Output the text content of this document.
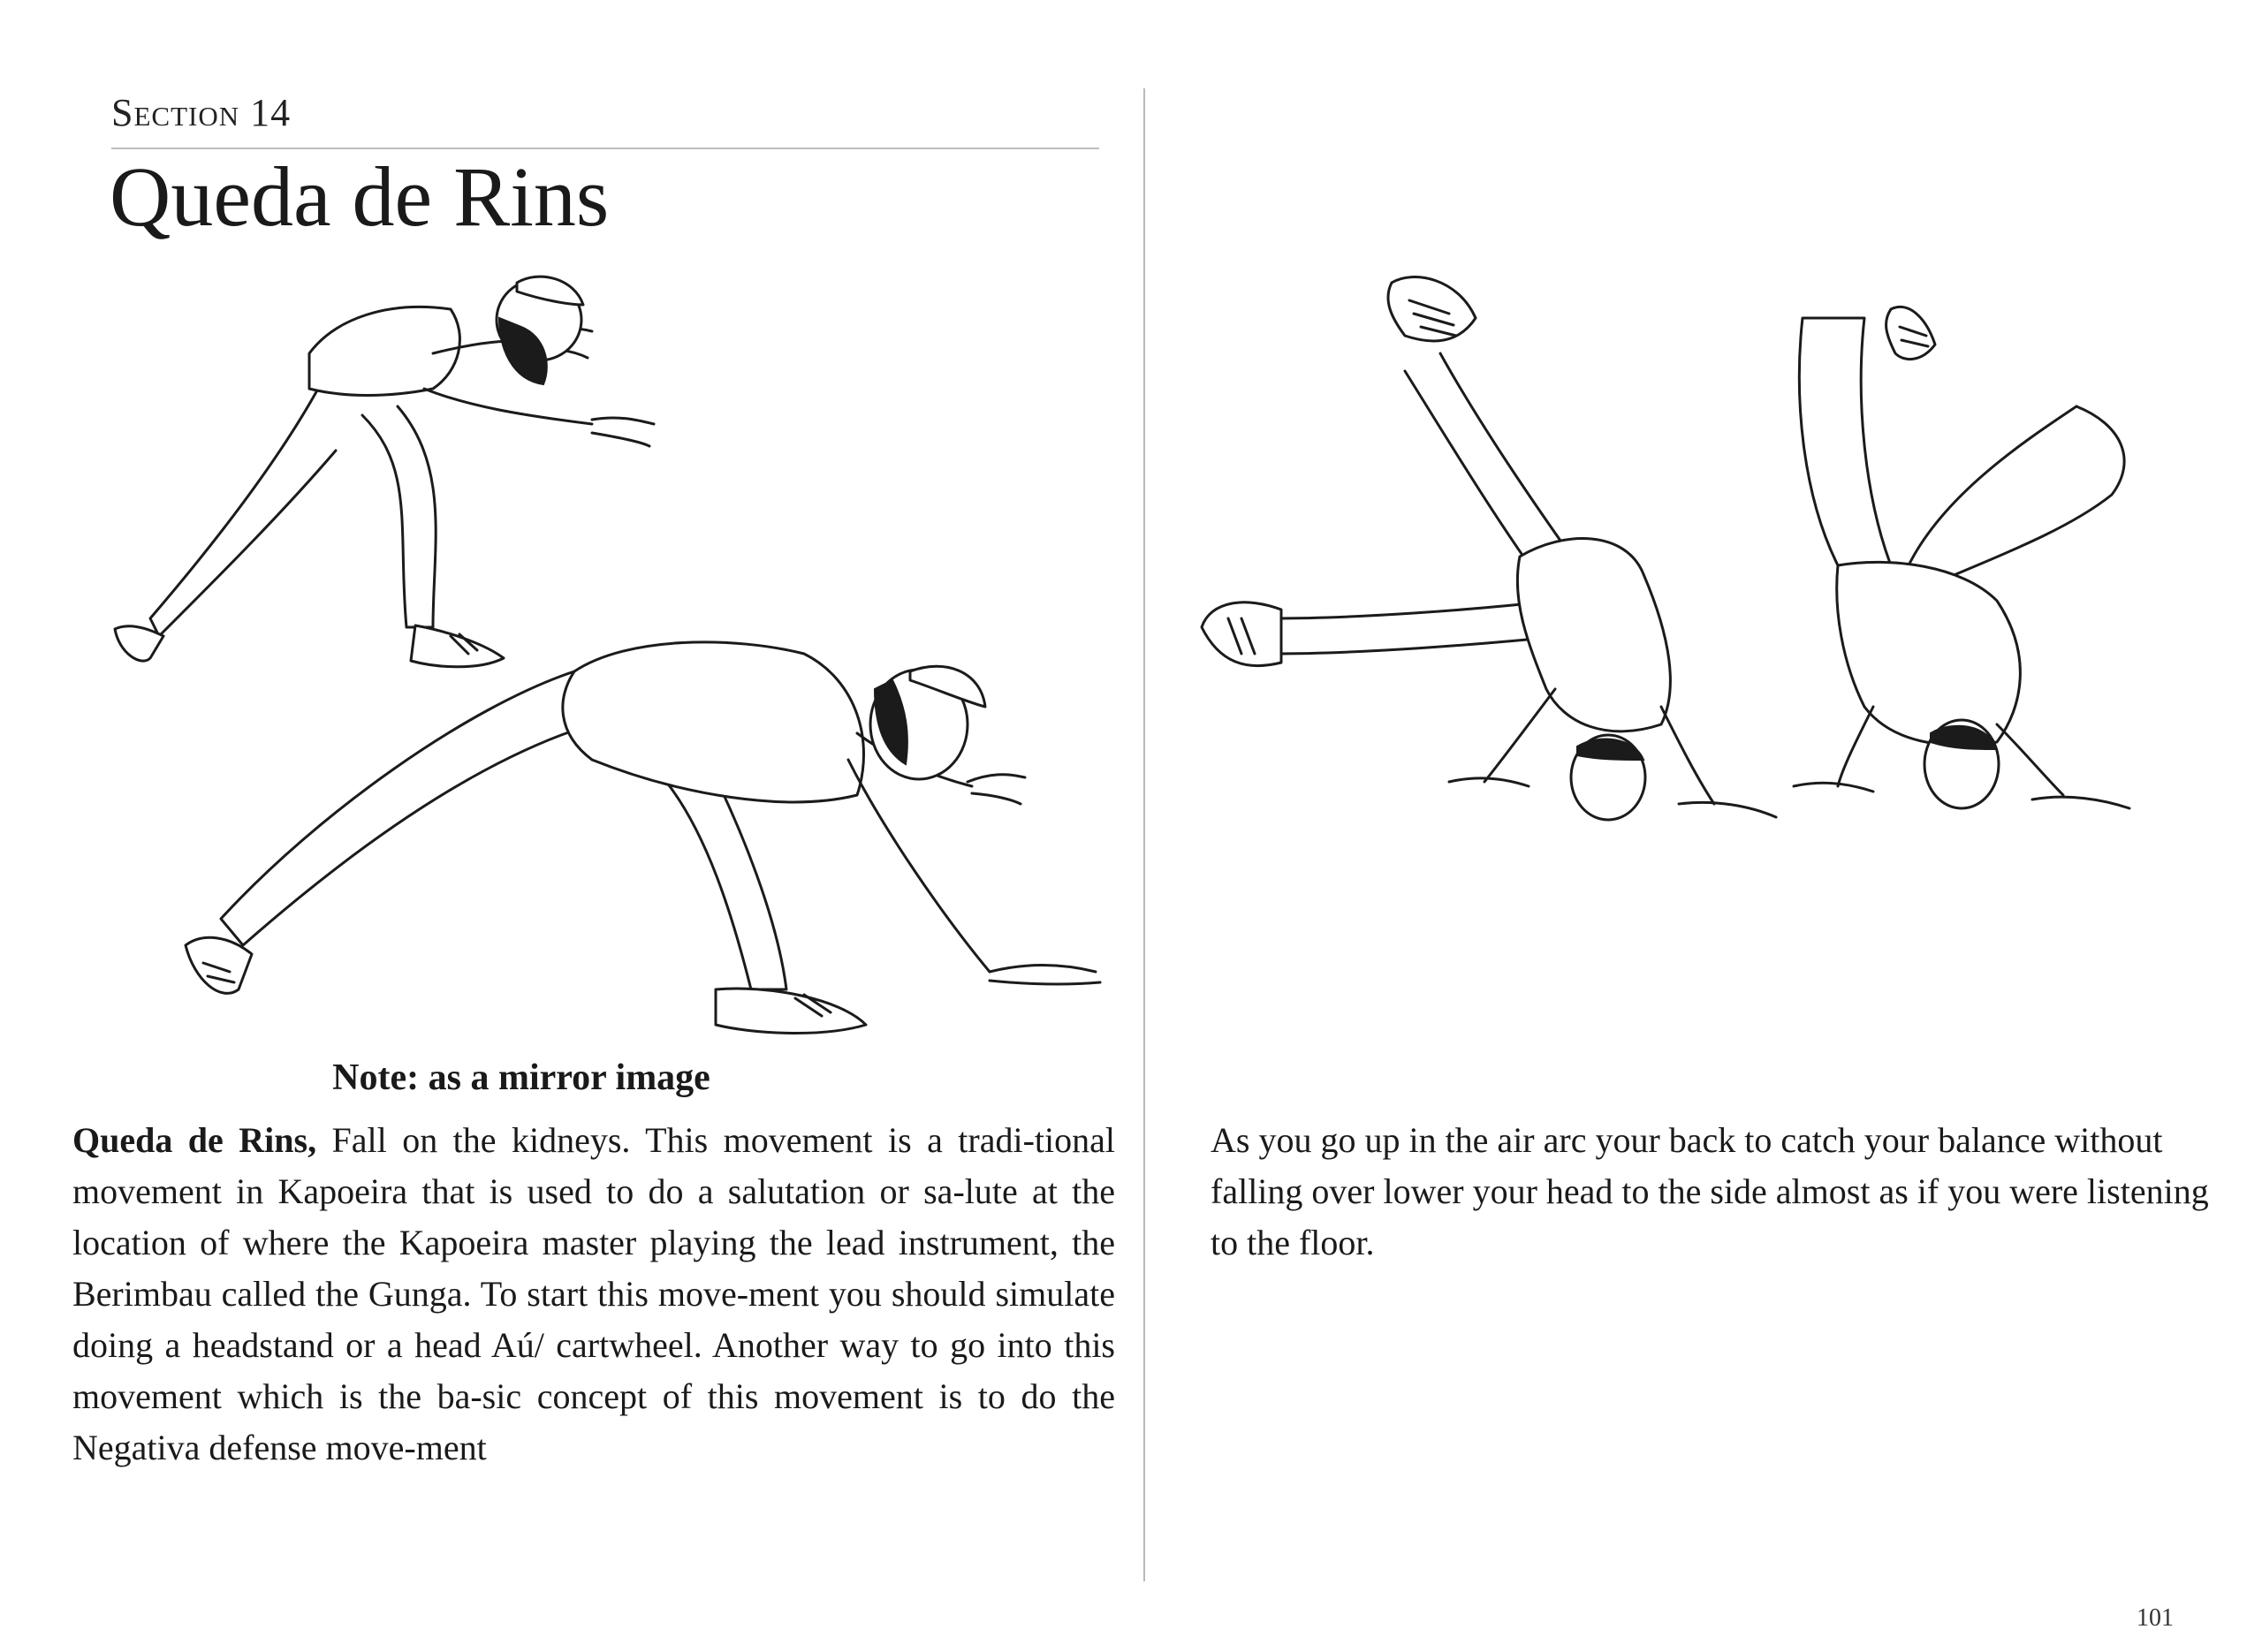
Section 14
Queda de Rins
Note: as a mirror image

Queda de Rins, Fall on the kidneys. This movement is a tradi-tional movement in Kapoeira that is used to do a salutation or sa-lute at the location of where the Kapoeira master playing the lead instrument, the Berimbau called the Gunga. To start this move-ment you should simulate doing a headstand or a head Aú/ cartwheel. Another way to go into this movement which is the ba-sic concept of this movement is to do the Negativa defense move-ment

As you go up in the air arc your back to catch your balance without falling over lower your head to the side almost as if you were listening to the floor.

101
